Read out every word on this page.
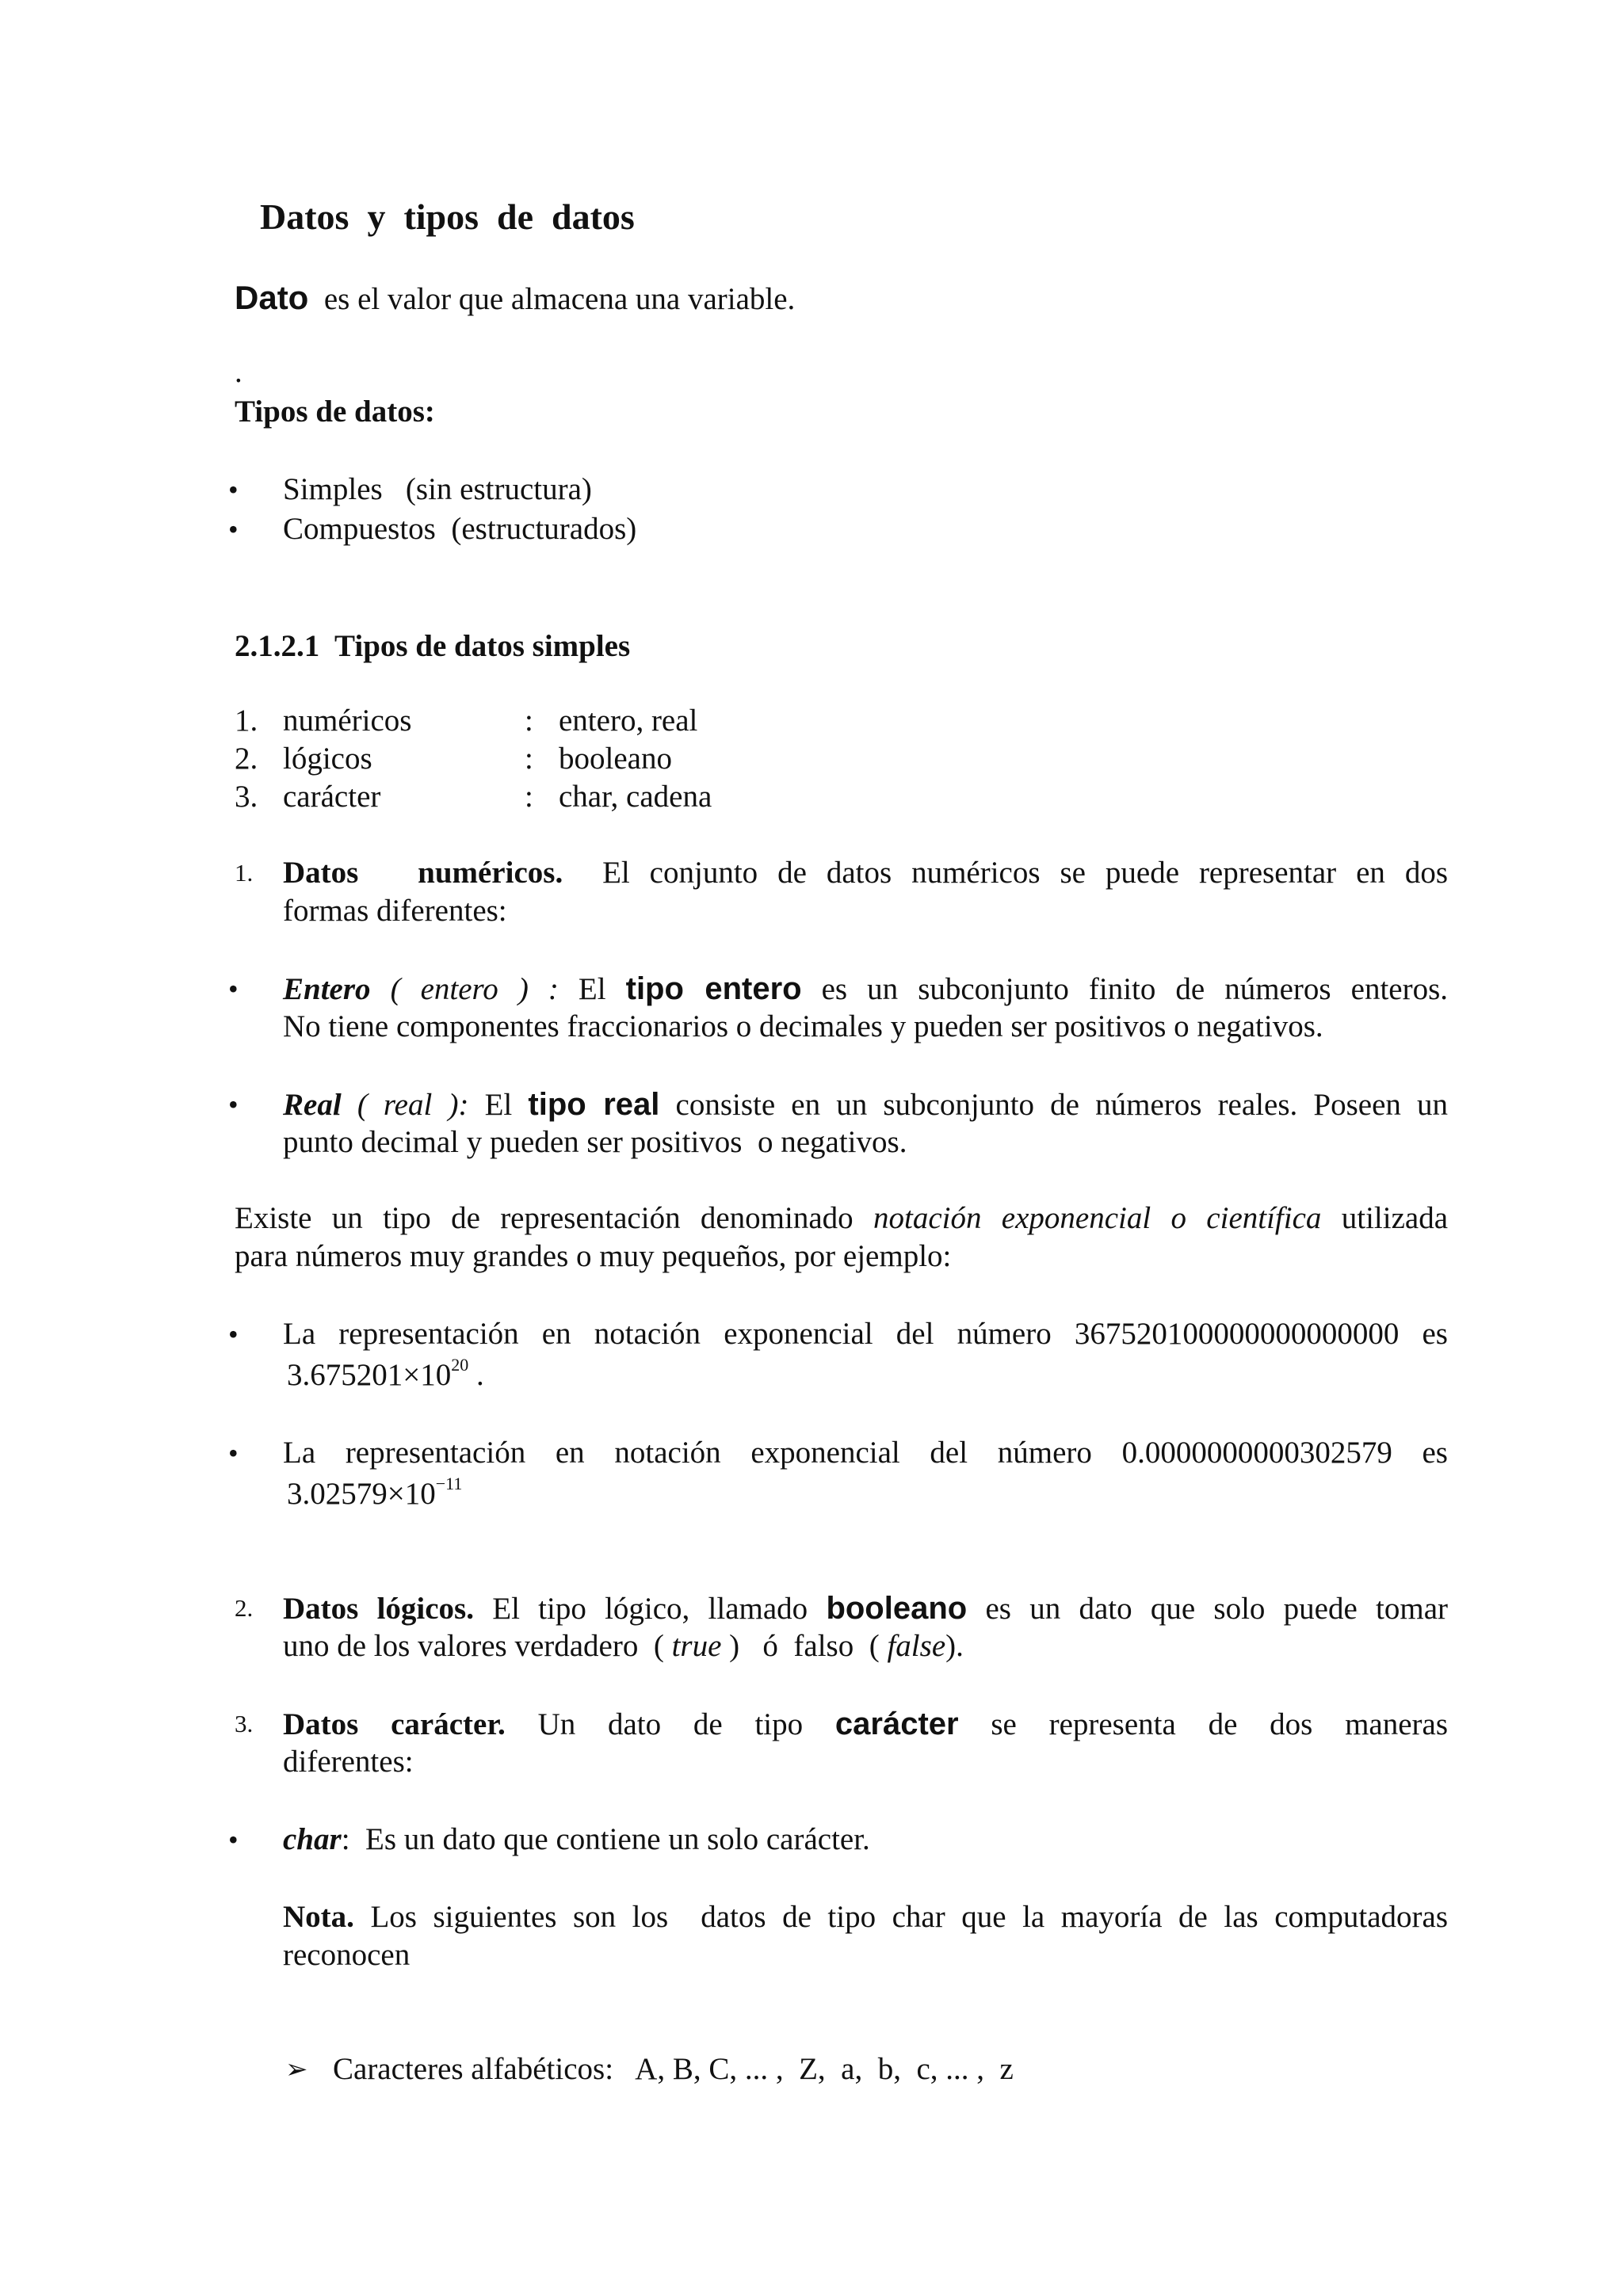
Datos  y  tipos  de  datos
Dato es el valor que almacena una variable.
.
Tipos de datos:
• Simples   (sin estructura)
• Compuestos  (estructurados)
2.1.2.1  Tipos de datos simples
1. numéricos	: entero, real
2. lógicos	: booleano
3. carácter	: char, cadena
1. Datos   numéricos. El conjunto de datos numéricos se puede representar en dos
formas diferentes:
• Entero ( entero ) : El tipo entero es un subconjunto finito de números enteros.
No tiene componentes fraccionarios o decimales y pueden ser positivos o negativos.
• Real ( real ): El tipo real consiste en un subconjunto de números reales. Poseen un
punto decimal y pueden ser positivos  o negativos.
Existe un tipo de representación denominado notación exponencial o científica utilizada
para números muy grandes o muy pequeños, por ejemplo:
• La representación en notación exponencial del número 367520100000000000000 es
$3.675201\times 10^{20}$ .
• La  representación  en  notación  exponencial  del  número  0.0000000000302579  es
$3.02579\times 10^{-11}$
2. Datos lógicos. El tipo lógico, llamado booleano es un dato que solo puede tomar
uno de los valores verdadero  ( true )   ó  falso  ( false).
3. Datos carácter. Un dato de tipo carácter se representa de dos maneras
diferentes:
• char:  Es un dato que contiene un solo carácter.
Nota. Los siguientes son los  datos de tipo char que la mayoría de las computadoras
reconocen
➢ Caracteres alfabéticos: A, B, C, ... ,  Z,  a,  b,  c, ... ,  z
